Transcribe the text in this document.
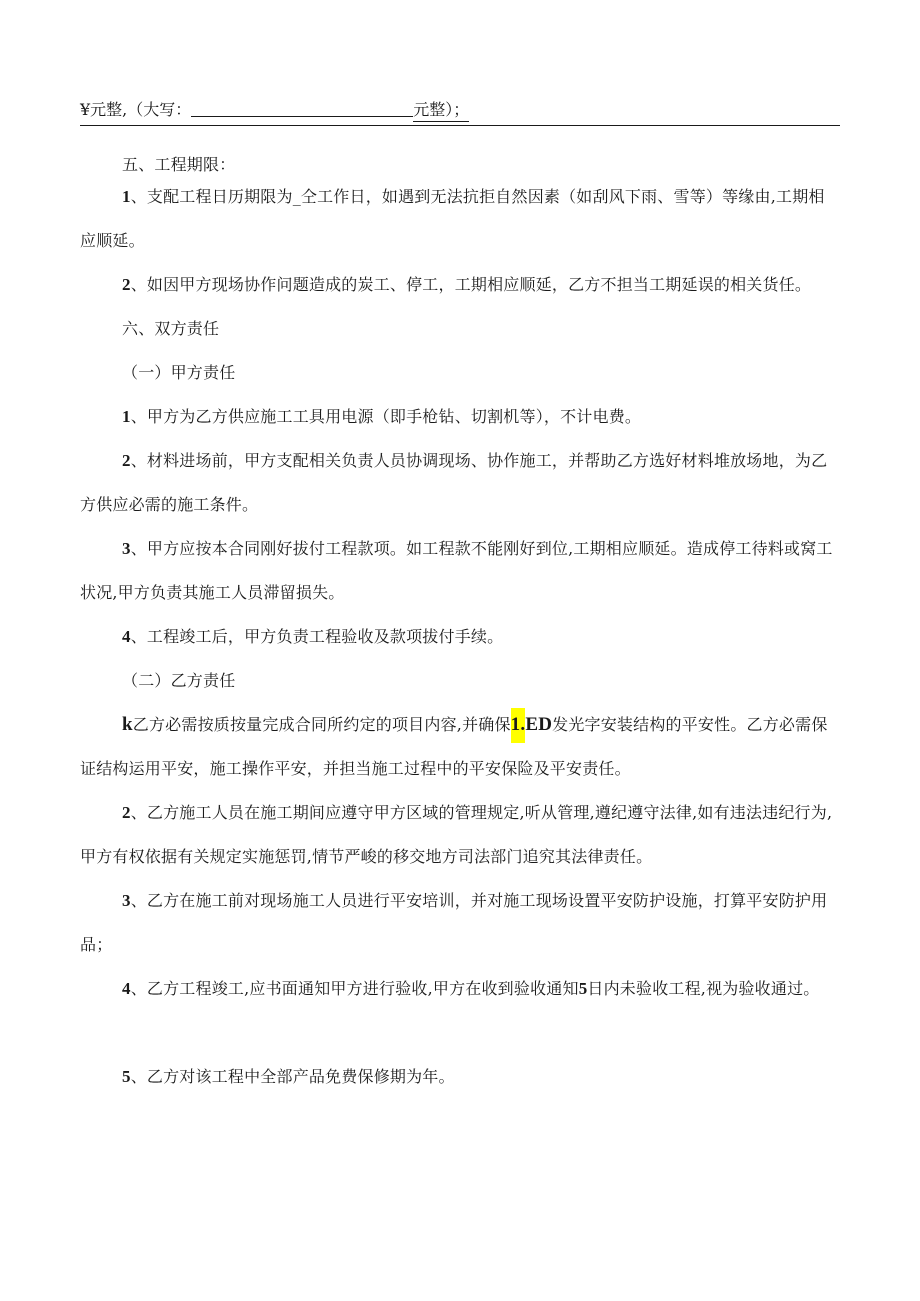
¥元整,（大写：	元整）；

五、工程期限：

1、支配工程日历期限为_仝工作日，如遇到无法抗拒自然因素（如刮风下雨、雪等）等缘由,工期相应顺延。

2、如因甲方现场协作问题造成的炭工、停工，工期相应顺延，乙方不担当工期延误的相关货任。

六、双方责任

（一）甲方责任

1、甲方为乙方供应施工工具用电源（即手枪钻、切割机等），不计电费。

2、材料进场前，甲方支配相关负责人员协调现场、协作施工，并帮助乙方选好材料堆放场地，为乙方供应必需的施工条件。

3、甲方应按本合同刚好拔付工程款项。如工程款不能刚好到位,工期相应顺延。造成停工待料或窝工状况,甲方负责其施工人员滞留损失。

4、工程竣工后，甲方负责工程验收及款项拔付手续。

（二）乙方责任

k乙方必需按质按量完成合同所约定的项目内容,并确保1.ED发光字安装结构的平安性。乙方必需保证结构运用平安，施工操作平安，并担当施工过程中的平安保险及平安责任。

2、乙方施工人员在施工期间应遵守甲方区域的管理规定,听从管理,遵纪遵守法律,如有违法违纪行为,甲方有权依据有关规定实施惩罚,情节严峻的移交地方司法部门追究其法律责任。

3、乙方在施工前对现场施工人员进行平安培训，并对施工现场设置平安防护设施，打算平安防护用品；

4、乙方工程竣工,应书面通知甲方进行验收,甲方在收到验收通知5日内未验收工程,视为验收通过。

5、乙方对该工程中全部产品免费保修期为年。
